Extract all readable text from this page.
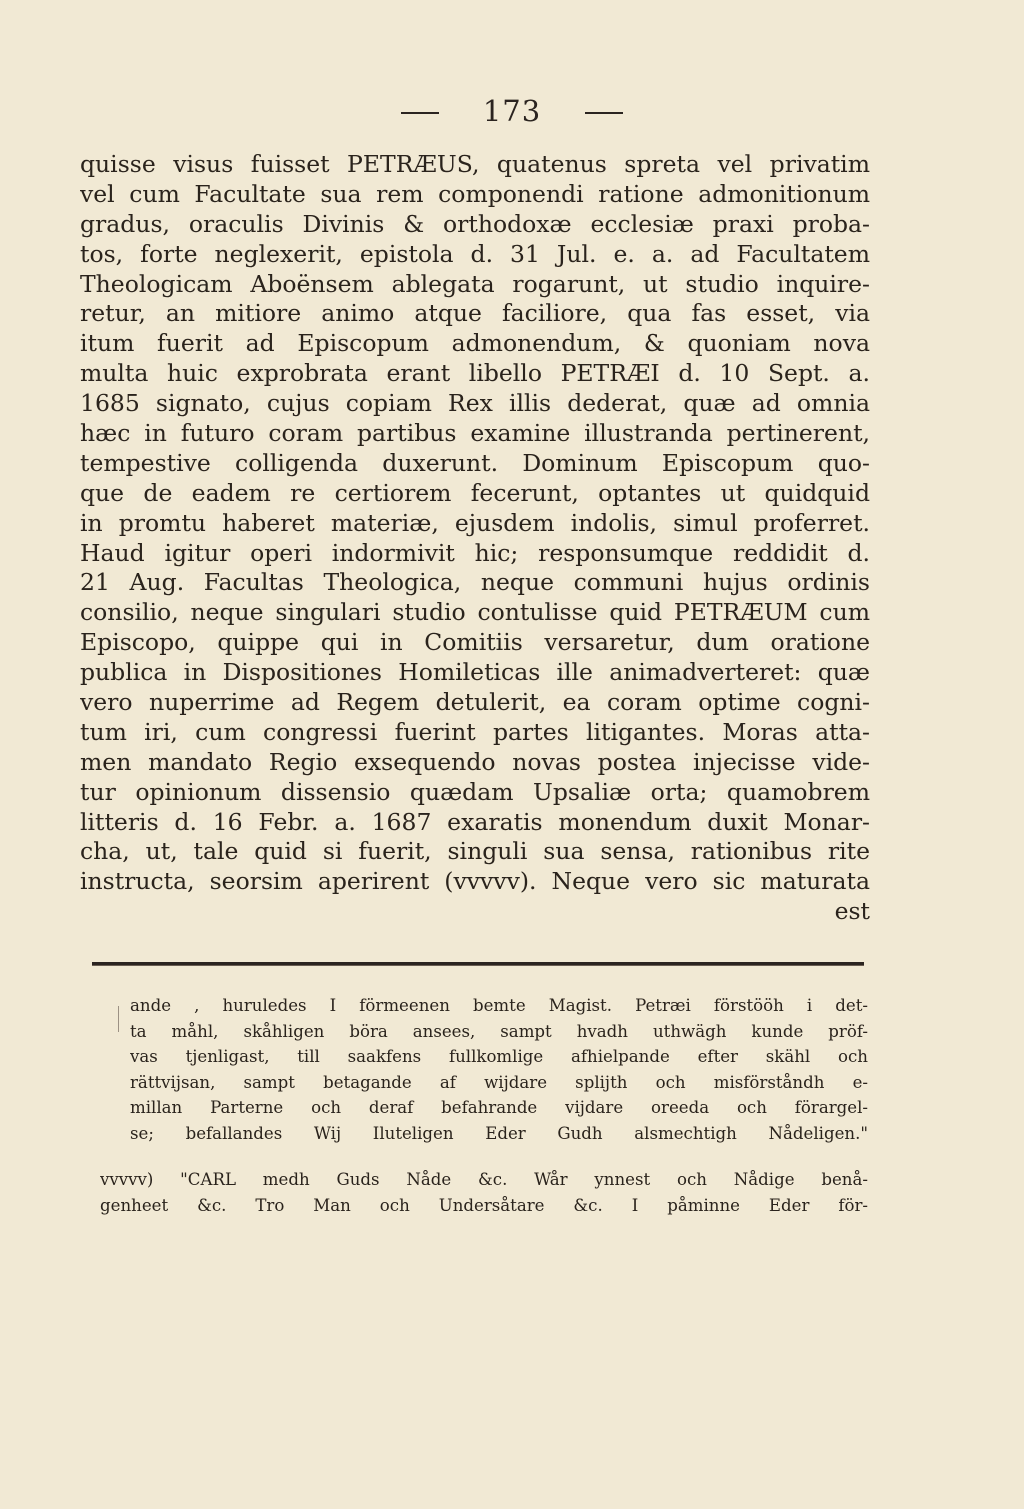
173
quisse visus fuisset PETRÆUS, quatenus spreta vel privatim
vel cum Facultate sua rem componendi ratione admonitionum
gradus, oraculis Divinis & orthodoxæ ecclesiæ praxi proba-
tos, forte neglexerit, epistola d. 31 Jul. e. a. ad Facultatem
Theologicam Aboënsem ablegata rogarunt, ut studio inquire-
retur, an mitiore animo atque faciliore, qua fas esset, via
itum fuerit ad Episcopum admonendum, & quoniam nova
multa huic exprobrata erant libello PETRÆI d. 10 Sept. a.
1685 signato, cujus copiam Rex illis dederat, quæ ad omnia
hæc in futuro coram partibus examine illustranda pertinerent,
tempestive colligenda duxerunt. Dominum Episcopum quo-
que de eadem re certiorem fecerunt, optantes ut quidquid
in promtu haberet materiæ, ejusdem indolis, simul proferret.
Haud igitur operi indormivit hic; responsumque reddidit d.
21 Aug. Facultas Theologica, neque communi hujus ordinis
consilio, neque singulari studio contulisse quid PETRÆUM cum
Episcopo, quippe qui in Comitiis versaretur, dum oratione
publica in Dispositiones Homileticas ille animadverteret: quæ
vero nuperrime ad Regem detulerit, ea coram optime cogni-
tum iri, cum congressi fuerint partes litigantes. Moras atta-
men mandato Regio exsequendo novas postea injecisse vide-
tur opinionum dissensio quædam Upsaliæ orta; quamobrem
litteris d. 16 Febr. a. 1687 exaratis monendum duxit Monar-
cha, ut, tale quid si fuerit, singuli sua sensa, rationibus rite
instructa, seorsim aperirent (vvvvv). Neque vero sic maturata
est
ande , huruledes I förmeenen bemte Magist. Petræi förstööh i det-
ta måhl, skåhligen böra ansees, sampt hvadh uthwägh kunde pröf-
vas tjenligast, till saakfens fullkomlige afhielpande efter skähl och
rättvijsan, sampt betagande af wijdare splijth och misförståndh e-
millan Parterne och deraf befahrande vijdare oreeda och förargel-
se; befallandes Wij Iluteligen Eder Gudh alsmechtigh Nådeligen."
vvvvv) "CARL medh Guds Nåde &c. Wår ynnest och Nådige benå-
genheet &c. Tro Man och Undersåtare &c. I påminne Eder för-
